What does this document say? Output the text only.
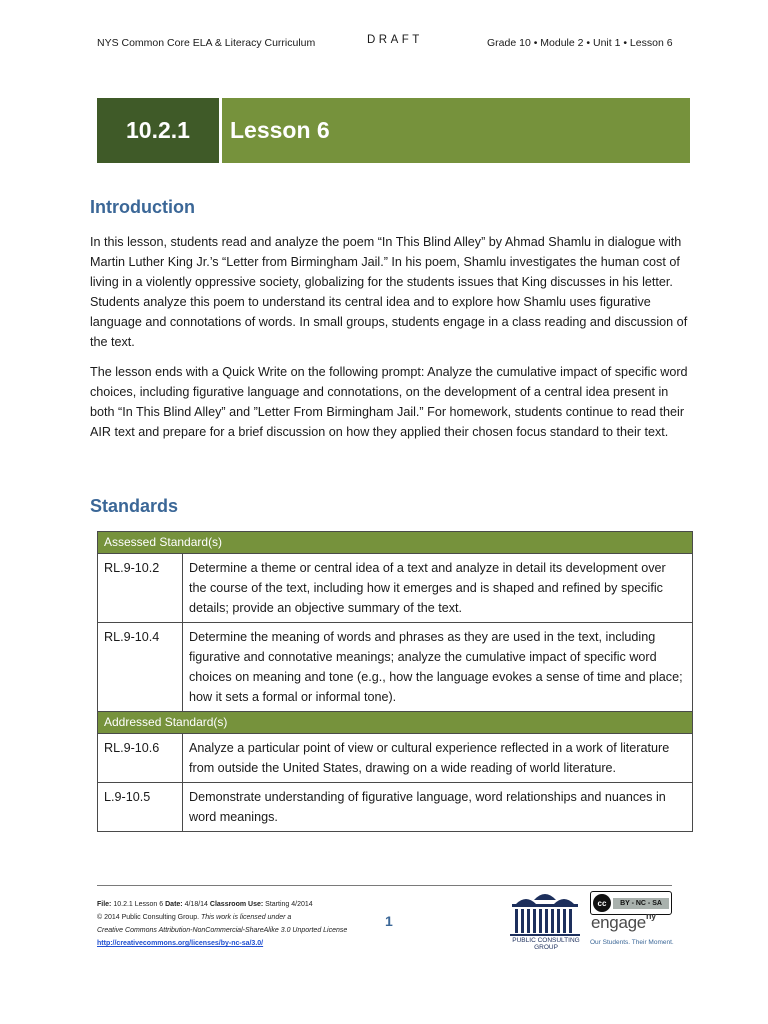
NYS Common Core ELA & Literacy Curriculum	DRAFT	Grade 10 • Module 2 • Unit 1 • Lesson 6
10.2.1	Lesson 6
Introduction

In this lesson, students read and analyze the poem “In This Blind Alley” by Ahmad Shamlu in dialogue with Martin Luther King Jr.’s “Letter from Birmingham Jail.” In his poem, Shamlu investigates the human cost of living in a violently oppressive society, globalizing for the students issues that King discusses in his letter. Students analyze this poem to understand its central idea and to explore how Shamlu uses figurative language and connotations of words. In small groups, students engage in a class reading and discussion of the text.

The lesson ends with a Quick Write on the following prompt: Analyze the cumulative impact of specific word choices, including figurative language and connotations, on the development of a central idea present in both “In This Blind Alley” and ”Letter From Birmingham Jail.” For homework, students continue to read their AIR text and prepare for a brief discussion on how they applied their chosen focus standard to their text.

Standards
Assessed Standard(s)	
RL.9-10.2	Determine a theme or central idea of a text and analyze in detail its development over the course of the text, including how it emerges and is shaped and refined by specific details; provide an objective summary of the text.
RL.9-10.4	Determine the meaning of words and phrases as they are used in the text, including figurative and connotative meanings; analyze the cumulative impact of specific word choices on meaning and tone (e.g., how the language evokes a sense of time and place; how it sets a formal or informal tone).
Addressed Standard(s)	
RL.9-10.6	Analyze a particular point of view or cultural experience reflected in a work of literature from outside the United States, drawing on a wide reading of world literature.
L.9-10.5	Demonstrate understanding of figurative language, word relationships and nuances in word meanings.
File: 10.2.1 Lesson 6 Date: 4/18/14 Classroom Use: Starting 4/2014
© 2014 Public Consulting Group. This work is licensed under a
Creative Commons Attribution-NonCommercial-ShareAlike 3.0 Unported License
http://creativecommons.org/licenses/by-nc-sa/3.0/
1
PUBLIC CONSULTING GROUP
cc	BY - NC - SA
engage$^{ny}$
Our Students. Their Moment.
